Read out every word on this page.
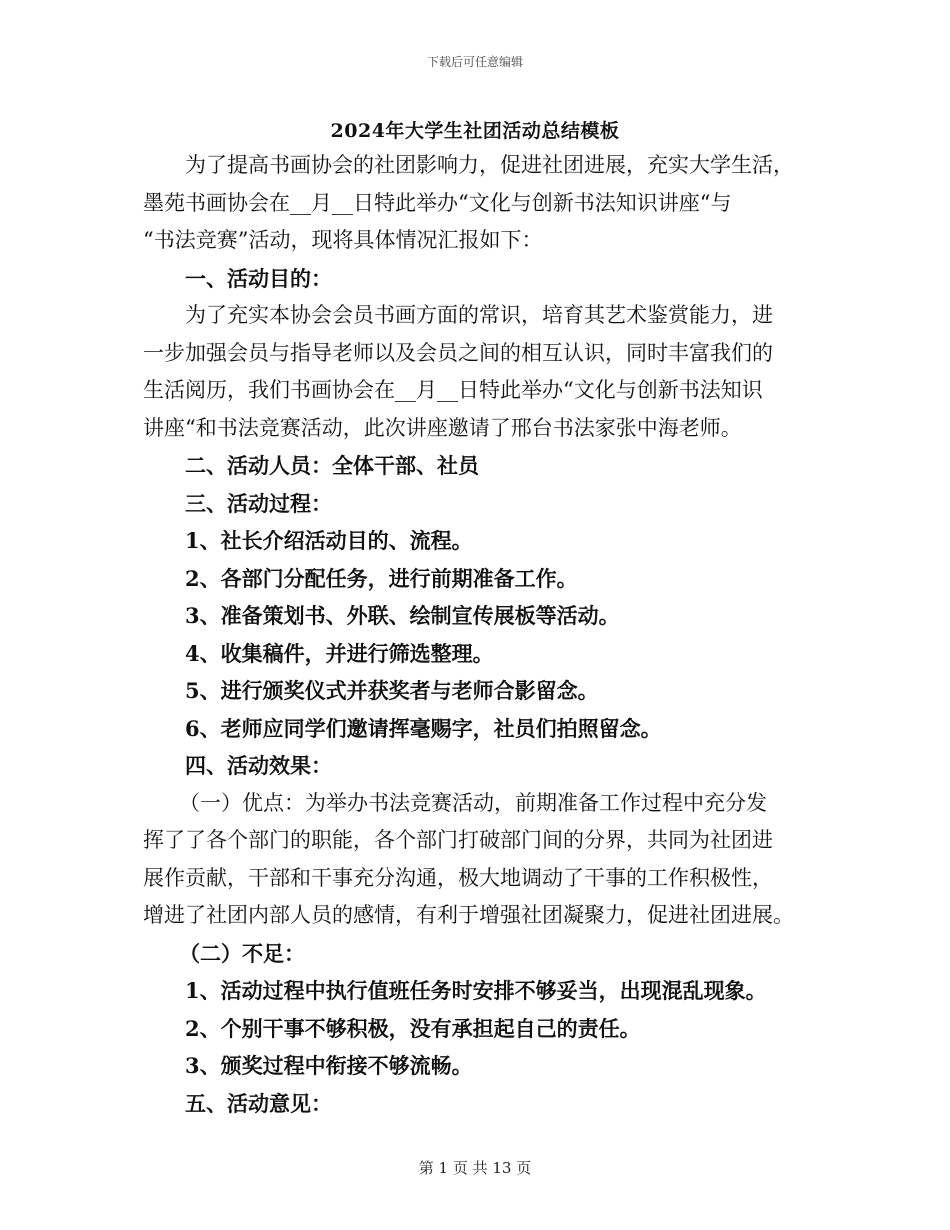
下载后可任意编辑
2024年大学生社团活动总结模板

为了提高书画协会的社团影响力，促进社团进展，充实大学生活，

墨苑书画协会在__月__日特此举办“文化与创新书法知识讲座“与

“书法竞赛”活动，现将具体情况汇报如下：

一、活动目的：

为了充实本协会会员书画方面的常识，培育其艺术鉴赏能力，进

一步加强会员与指导老师以及会员之间的相互认识，同时丰富我们的

生活阅历，我们书画协会在__月__日特此举办“文化与创新书法知识

讲座“和书法竞赛活动，此次讲座邀请了邢台书法家张中海老师。

二、活动人员：全体干部、社员

三、活动过程：

1、社长介绍活动目的、流程。

2、各部门分配任务，进行前期准备工作。

3、准备策划书、外联、绘制宣传展板等活动。

4、收集稿件，并进行筛选整理。

5、进行颁奖仪式并获奖者与老师合影留念。

6、老师应同学们邀请挥毫赐字，社员们拍照留念。

四、活动效果：

（一）优点：为举办书法竞赛活动，前期准备工作过程中充分发

挥了了各个部门的职能，各个部门打破部门间的分界，共同为社团进

展作贡献，干部和干事充分沟通，极大地调动了干事的工作积极性，

增进了社团内部人员的感情，有利于增强社团凝聚力，促进社团进展。

（二）不足：

1、活动过程中执行值班任务时安排不够妥当，出现混乱现象。

2、个别干事不够积极，没有承担起自己的责任。

3、颁奖过程中衔接不够流畅。

五、活动意见：

第 1 页 共 13 页
